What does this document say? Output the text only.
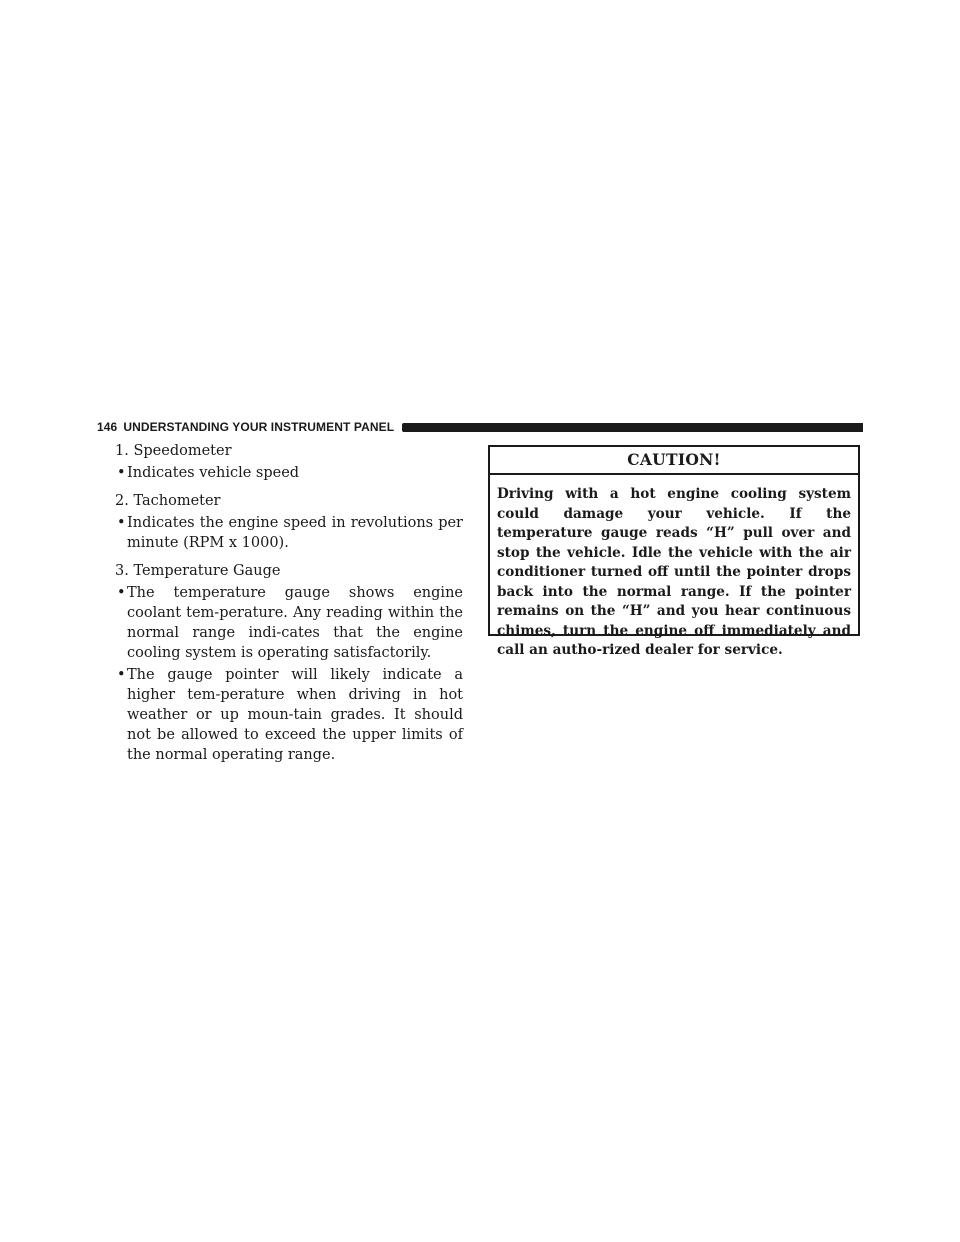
146 UNDERSTANDING YOUR INSTRUMENT PANEL
1. Speedometer
• Indicates vehicle speed
2. Tachometer
• Indicates the engine speed in revolutions per minute (RPM x 1000).
3. Temperature Gauge
• The temperature gauge shows engine coolant tem-perature. Any reading within the normal range indi-cates that the engine cooling system is operating satisfactorily.
• The gauge pointer will likely indicate a higher tem-perature when driving in hot weather or up moun-tain grades. It should not be allowed to exceed the upper limits of the normal operating range.
CAUTION!
Driving with a hot engine cooling system could damage your vehicle. If the temperature gauge reads “H” pull over and stop the vehicle. Idle the vehicle with the air conditioner turned off until the pointer drops back into the normal range. If the pointer remains on the “H” and you hear continuous chimes, turn the engine off immediately and call an autho-rized dealer for service.
